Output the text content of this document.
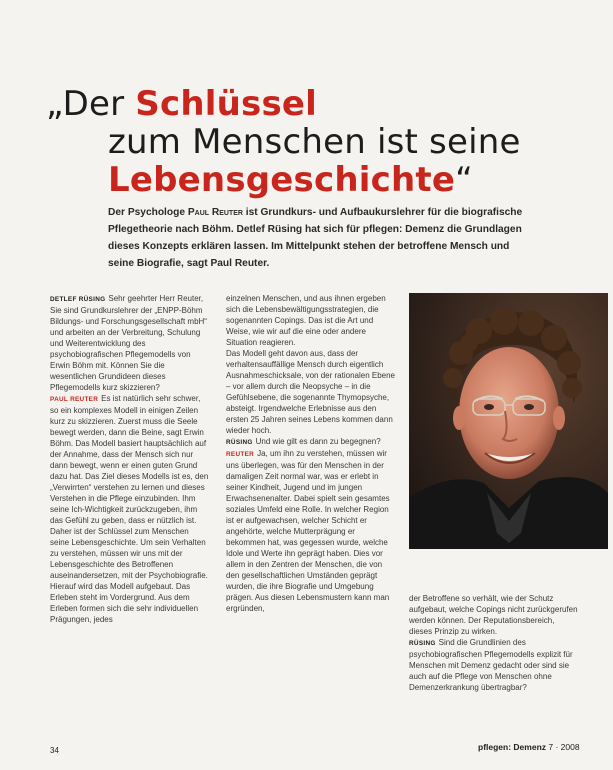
„Der Schlüssel
zum Menschen ist seine
Lebensgeschichte“
Der Psychologe Paul Reuter ist Grundkurs- und Aufbaukurslehrer für die biografische Pflegetheorie nach Böhm. Detlef Rüsing hat sich für pflegen: Demenz die Grundlagen dieses Konzepts erklären lassen. Im Mittelpunkt stehen der betroffene Mensch und seine Biografie, sagt Paul Reuter.

DETLEF RÜSING Sehr geehrter Herr Reuter, Sie sind Grundkurslehrer der „ENPP-Böhm Bildungs- und Forschungsgesellschaft mbH“ und arbeiten an der Verbreitung, Schulung und Weiterentwicklung des psychobiografischen Pflegemodells von Erwin Böhm mit. Können Sie die wesentlichen Grundideen dieses Pflegemodells kurz skizzieren?

PAUL REUTER Es ist natürlich sehr schwer, so ein komplexes Modell in einigen Zeilen kurz zu skizzieren. Zuerst muss die Seele bewegt werden, dann die Beine, sagt Erwin Böhm. Das Modell basiert hauptsächlich auf der Annahme, dass der Mensch sich nur dann bewegt, wenn er einen guten Grund dazu hat. Das Ziel dieses Modells ist es, den „Verwirrten“ verstehen zu lernen und dieses Verstehen in die Pflege einzubinden. Ihm seine Ich-Wichtigkeit zurückzugeben, ihm das Gefühl zu geben, dass er nützlich ist.

Daher ist der Schlüssel zum Menschen seine Lebensgeschichte. Um sein Verhalten zu verstehen, müssen wir uns mit der Lebensgeschichte des Betroffenen auseinandersetzen, mit der Psychobiografie. Hierauf wird das Modell aufgebaut. Das Erleben steht im Vordergrund. Aus dem Erleben formen sich die sehr individuellen Prägungen, jedes

einzelnen Menschen, und aus ihnen ergeben sich die Lebensbewältigungsstrategien, die sogenannten Copings. Das ist die Art und Weise, wie wir auf die eine oder andere Situation reagieren.

Das Modell geht davon aus, dass der verhaltensauffällige Mensch durch eigentlich Ausnahmeschicksale, von der rationalen Ebene – vor allem durch die Neopsyche – in die Gefühlsebene, die sogenannte Thymopsyche, absteigt. Irgendwelche Erlebnisse aus den ersten 25 Jahren seines Lebens kommen dann wieder hoch.

RÜSING Und wie gilt es dann zu begegnen?

REUTER Ja, um ihn zu verstehen, müssen wir uns überlegen, was für den Menschen in der damaligen Zeit normal war, was er erlebt in seiner Kindheit, Jugend und im jungen Erwachsenenalter. Dabei spielt sein gesamtes soziales Umfeld eine Rolle. In welcher Region ist er aufgewachsen, welcher Schicht er angehörte, welche Mutterprägung er bekommen hat, was gegessen wurde, welche Idole und Werte ihn geprägt haben. Dies vor allem in den Zentren der Menschen, die von den gesellschaftlichen Umständen geprägt wurden, die ihre Biografie und Umgebung prägen. Aus diesen Lebensmustern kann man ergründen,

der Betroffene so verhält, wie der Schutz aufgebaut, welche Copings nicht zurückgerufen werden können. Der Reputationsbereich, dieses Prinzip zu wirken.

RÜSING Sind die Grundlinien des psychobiografischen Pflegemodells explizit für Menschen mit Demenz gedacht oder sind sie auch auf die Pflege von Menschen ohne Demenzerkrankung übertragbar?

34	pflegen: Demenz 7 · 2008
